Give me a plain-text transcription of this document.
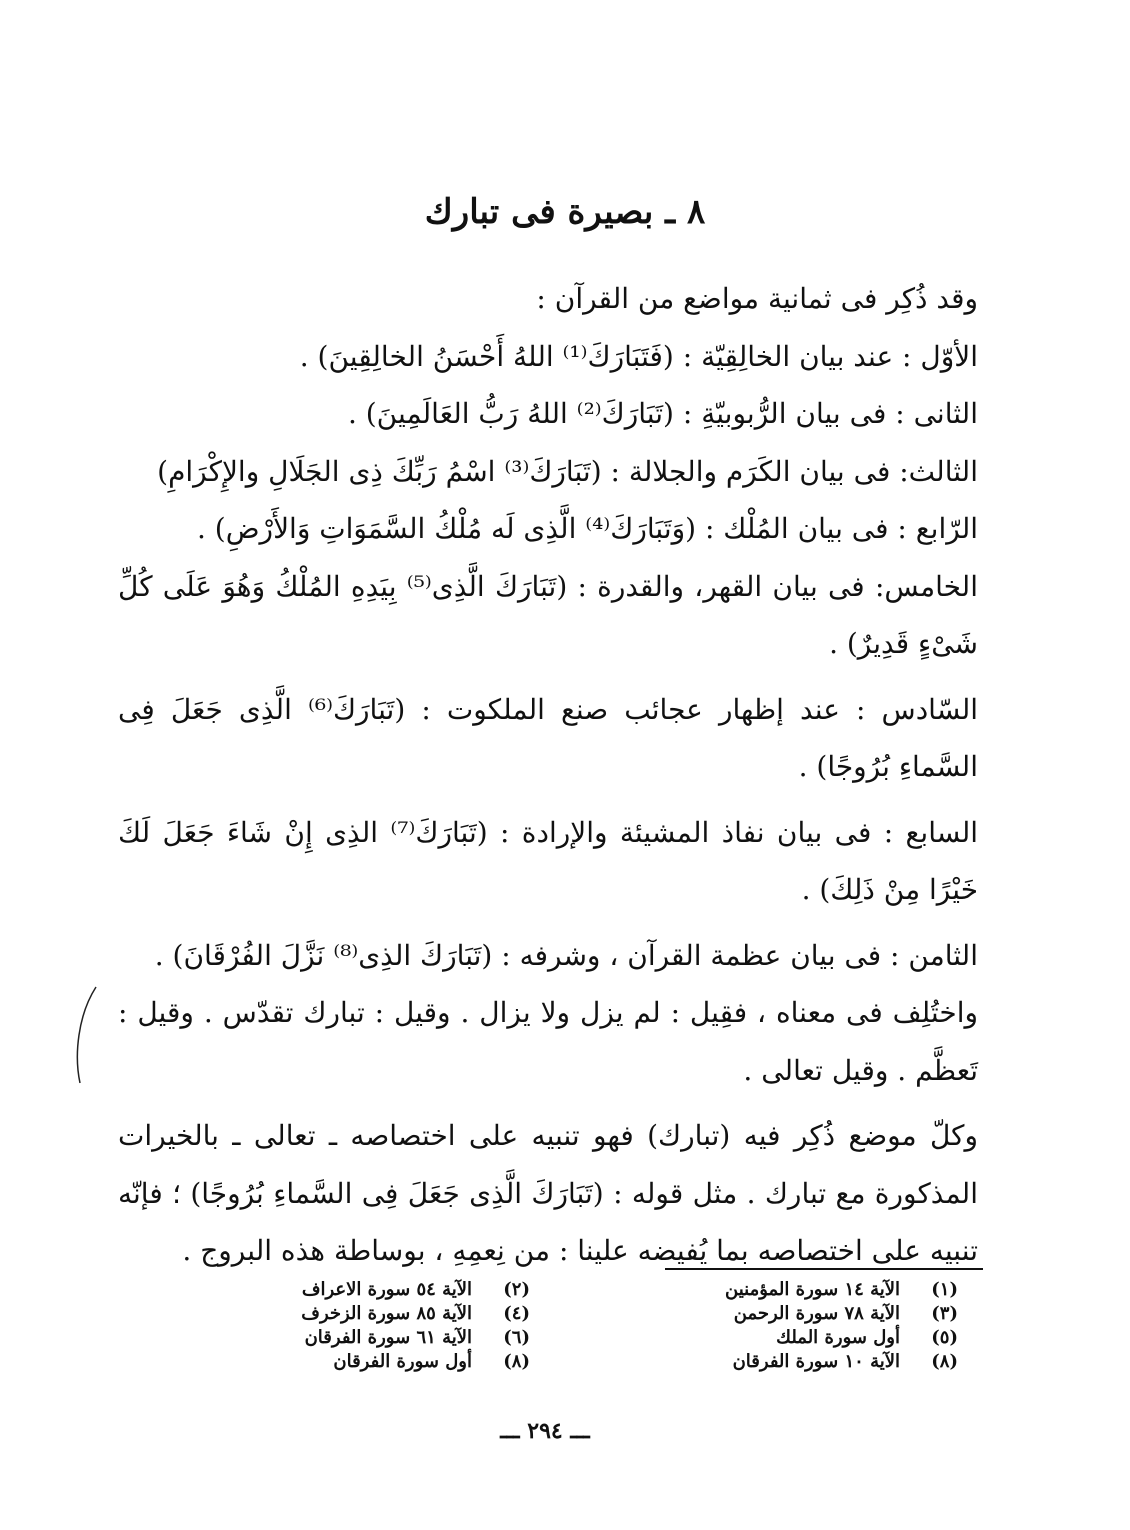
٨ ـ بصيرة فى تبارك

وقد ذُكِر فى ثمانية مواضع من القرآن :

الأوّل : عند بيان الخالِقِيّة : (فَتَبَارَكَ⁽¹⁾ اللهُ أَحْسَنُ الخالِقِينَ) .

الثانى : فى بيان الرُّبوبيّةِ : (تَبَارَكَ⁽²⁾ اللهُ رَبُّ العَالَمِينَ) .

الثالث: فى بيان الكَرَم والجلالة : (تَبَارَكَ⁽³⁾ اسْمُ رَبِّكَ ذِى الجَلَالِ والإِكْرَامِ)

الرّابع : فى بيان المُلْك : (وَتَبَارَكَ⁽⁴⁾ الَّذِى لَه مُلْكُ السَّمَوَاتِ وَالأَرْضِ) .

الخامس: فى بيان القهر، والقدرة : (تَبَارَكَ الَّذِى⁽⁵⁾ بِيَدِهِ المُلْكُ وَهُوَ عَلَى كُلِّ شَىْءٍ قَدِيرٌ) .

السّادس : عند إظهار عجائب صنع الملكوت : (تَبَارَكَ⁽⁶⁾ الَّذِى جَعَلَ فِى السَّماءِ بُرُوجًا) .

السابع : فى بيان نفاذ المشيئة والإرادة : (تَبَارَكَ⁽⁷⁾ الذِى إِنْ شَاءَ جَعَلَ لَكَ خَيْرًا مِنْ ذَلِكَ) .

الثامن : فى بيان عظمة القرآن ، وشرفه : (تَبَارَكَ الذِى⁽⁸⁾ نَزَّلَ الفُرْقَانَ) .

واختُلِف فى معناه ، فقِيل : لم يزل ولا يزال . وقيل : تبارك تقدّس . وقيل : تَعظَّم . وقيل تعالى .

وكلّ موضع ذُكِر فيه (تبارك) فهو تنبيه على اختصاصه ـ تعالى ـ بالخيرات المذكورة مع تبارك . مثل قوله : (تَبَارَكَ الَّذِى جَعَلَ فِى السَّماءِ بُرُوجًا) ؛ فإنّه تنبيه على اختصاصه بما يُفيضه علينا : من نِعمِهِ ، بوساطة هذه البروج .

(١)
الآية ١٤ سورة المؤمنين
(٣)
الآية ٧٨ سورة الرحمن
(٥)
أول سورة الملك
(٨)
الآية ١٠ سورة الفرقان
(٢)
الآية ٥٤ سورة الاعراف
(٤)
الآية ٨٥ سورة الزخرف
(٦)
الآية ٦١ سورة الفرقان
(٨)
أول سورة الفرقان
ـــ ٢٩٤ ـــ
